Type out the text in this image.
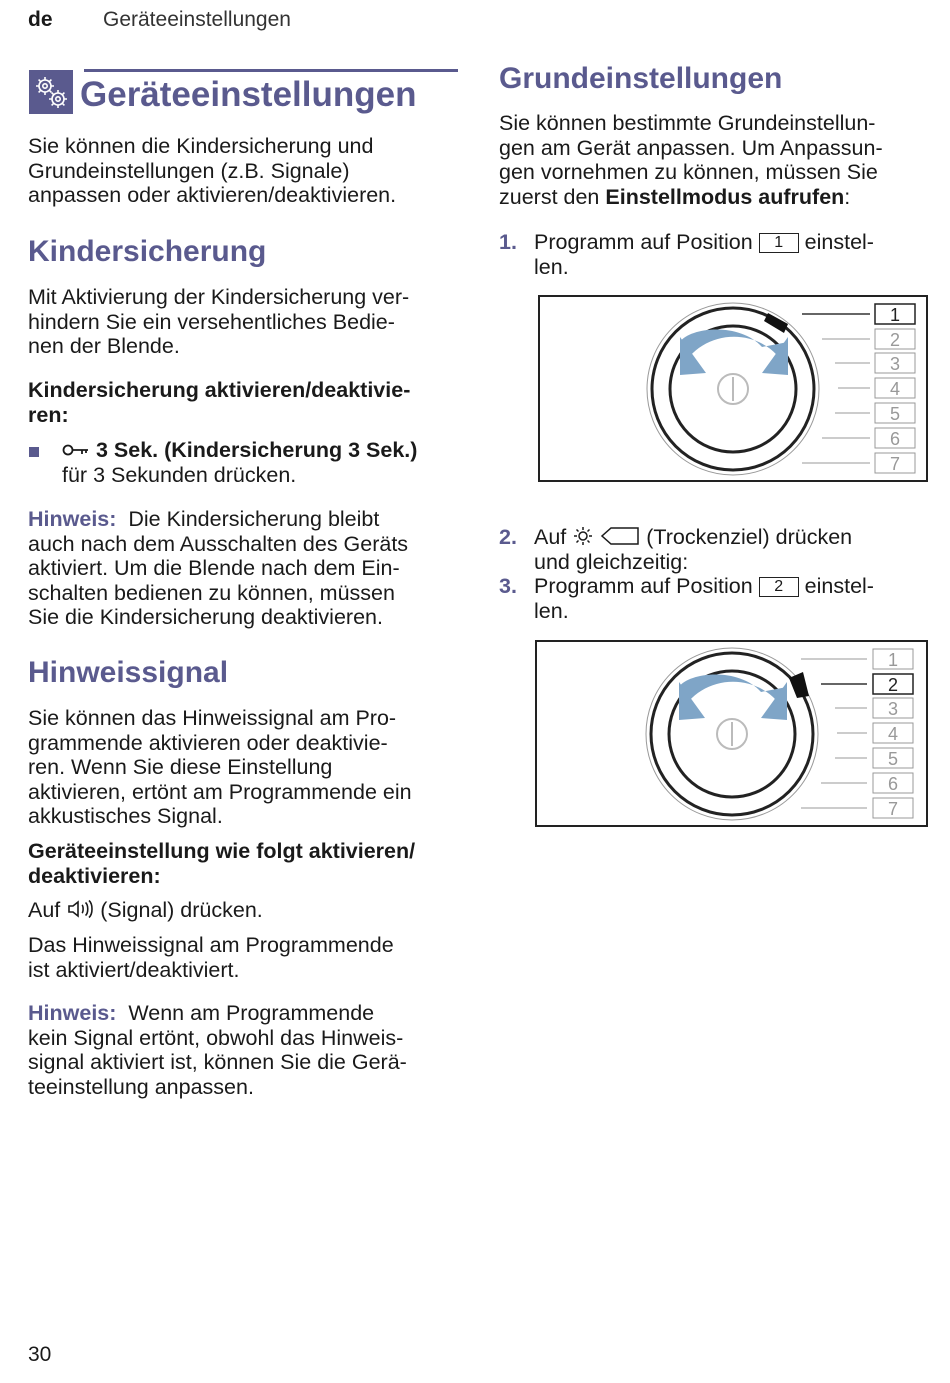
de Geräteeinstellungen
Geräteeinstellungen
Sie können die Kindersicherung und
Grundeinstellungen (z.B. Signale)
anpassen oder aktivieren/deaktivieren.
Kindersicherung
Mit Aktivierung der Kindersicherung ver-
hindern Sie ein versehentliches Bedie-
nen der Blende.
Kindersicherung aktivieren/deaktivie-
ren:
3 Sek. (Kindersicherung 3 Sek.)
für 3 Sekunden drücken.
Hinweis: Die Kindersicherung bleibt
auch nach dem Ausschalten des Geräts
aktiviert. Um die Blende nach dem Ein-
schalten bedienen zu können, müssen
Sie die Kindersicherung deaktivieren.
Hinweissignal
Sie können das Hinweissignal am Pro-
grammende aktivieren oder deaktivie-
ren. Wenn Sie diese Einstellung
aktivieren, ertönt am Programmende ein
akkustisches Signal.
Geräteeinstellung wie folgt aktivieren/
deaktivieren:
Auf (Signal) drücken.
Das Hinweissignal am Programmende
ist aktiviert/deaktiviert.
Hinweis: Wenn am Programmende
kein Signal ertönt, obwohl das Hinweis-
signal aktiviert ist, können Sie die Gerä-
teeinstellung anpassen.
Grundeinstellungen
Sie können bestimmte Grundeinstellun-
gen am Gerät anpassen. Um Anpassun-
gen vornehmen zu können, müssen Sie
zuerst den Einstellmodus aufrufen:
1. Programm auf Position 1 einstel-
len.
1
2
3
4
5
6
7
2. Auf	(Trockenziel) drücken
und gleichzeitig:
3. Programm auf Position 2 einstel-
len.
1
2
3
4
5
6
7
30
